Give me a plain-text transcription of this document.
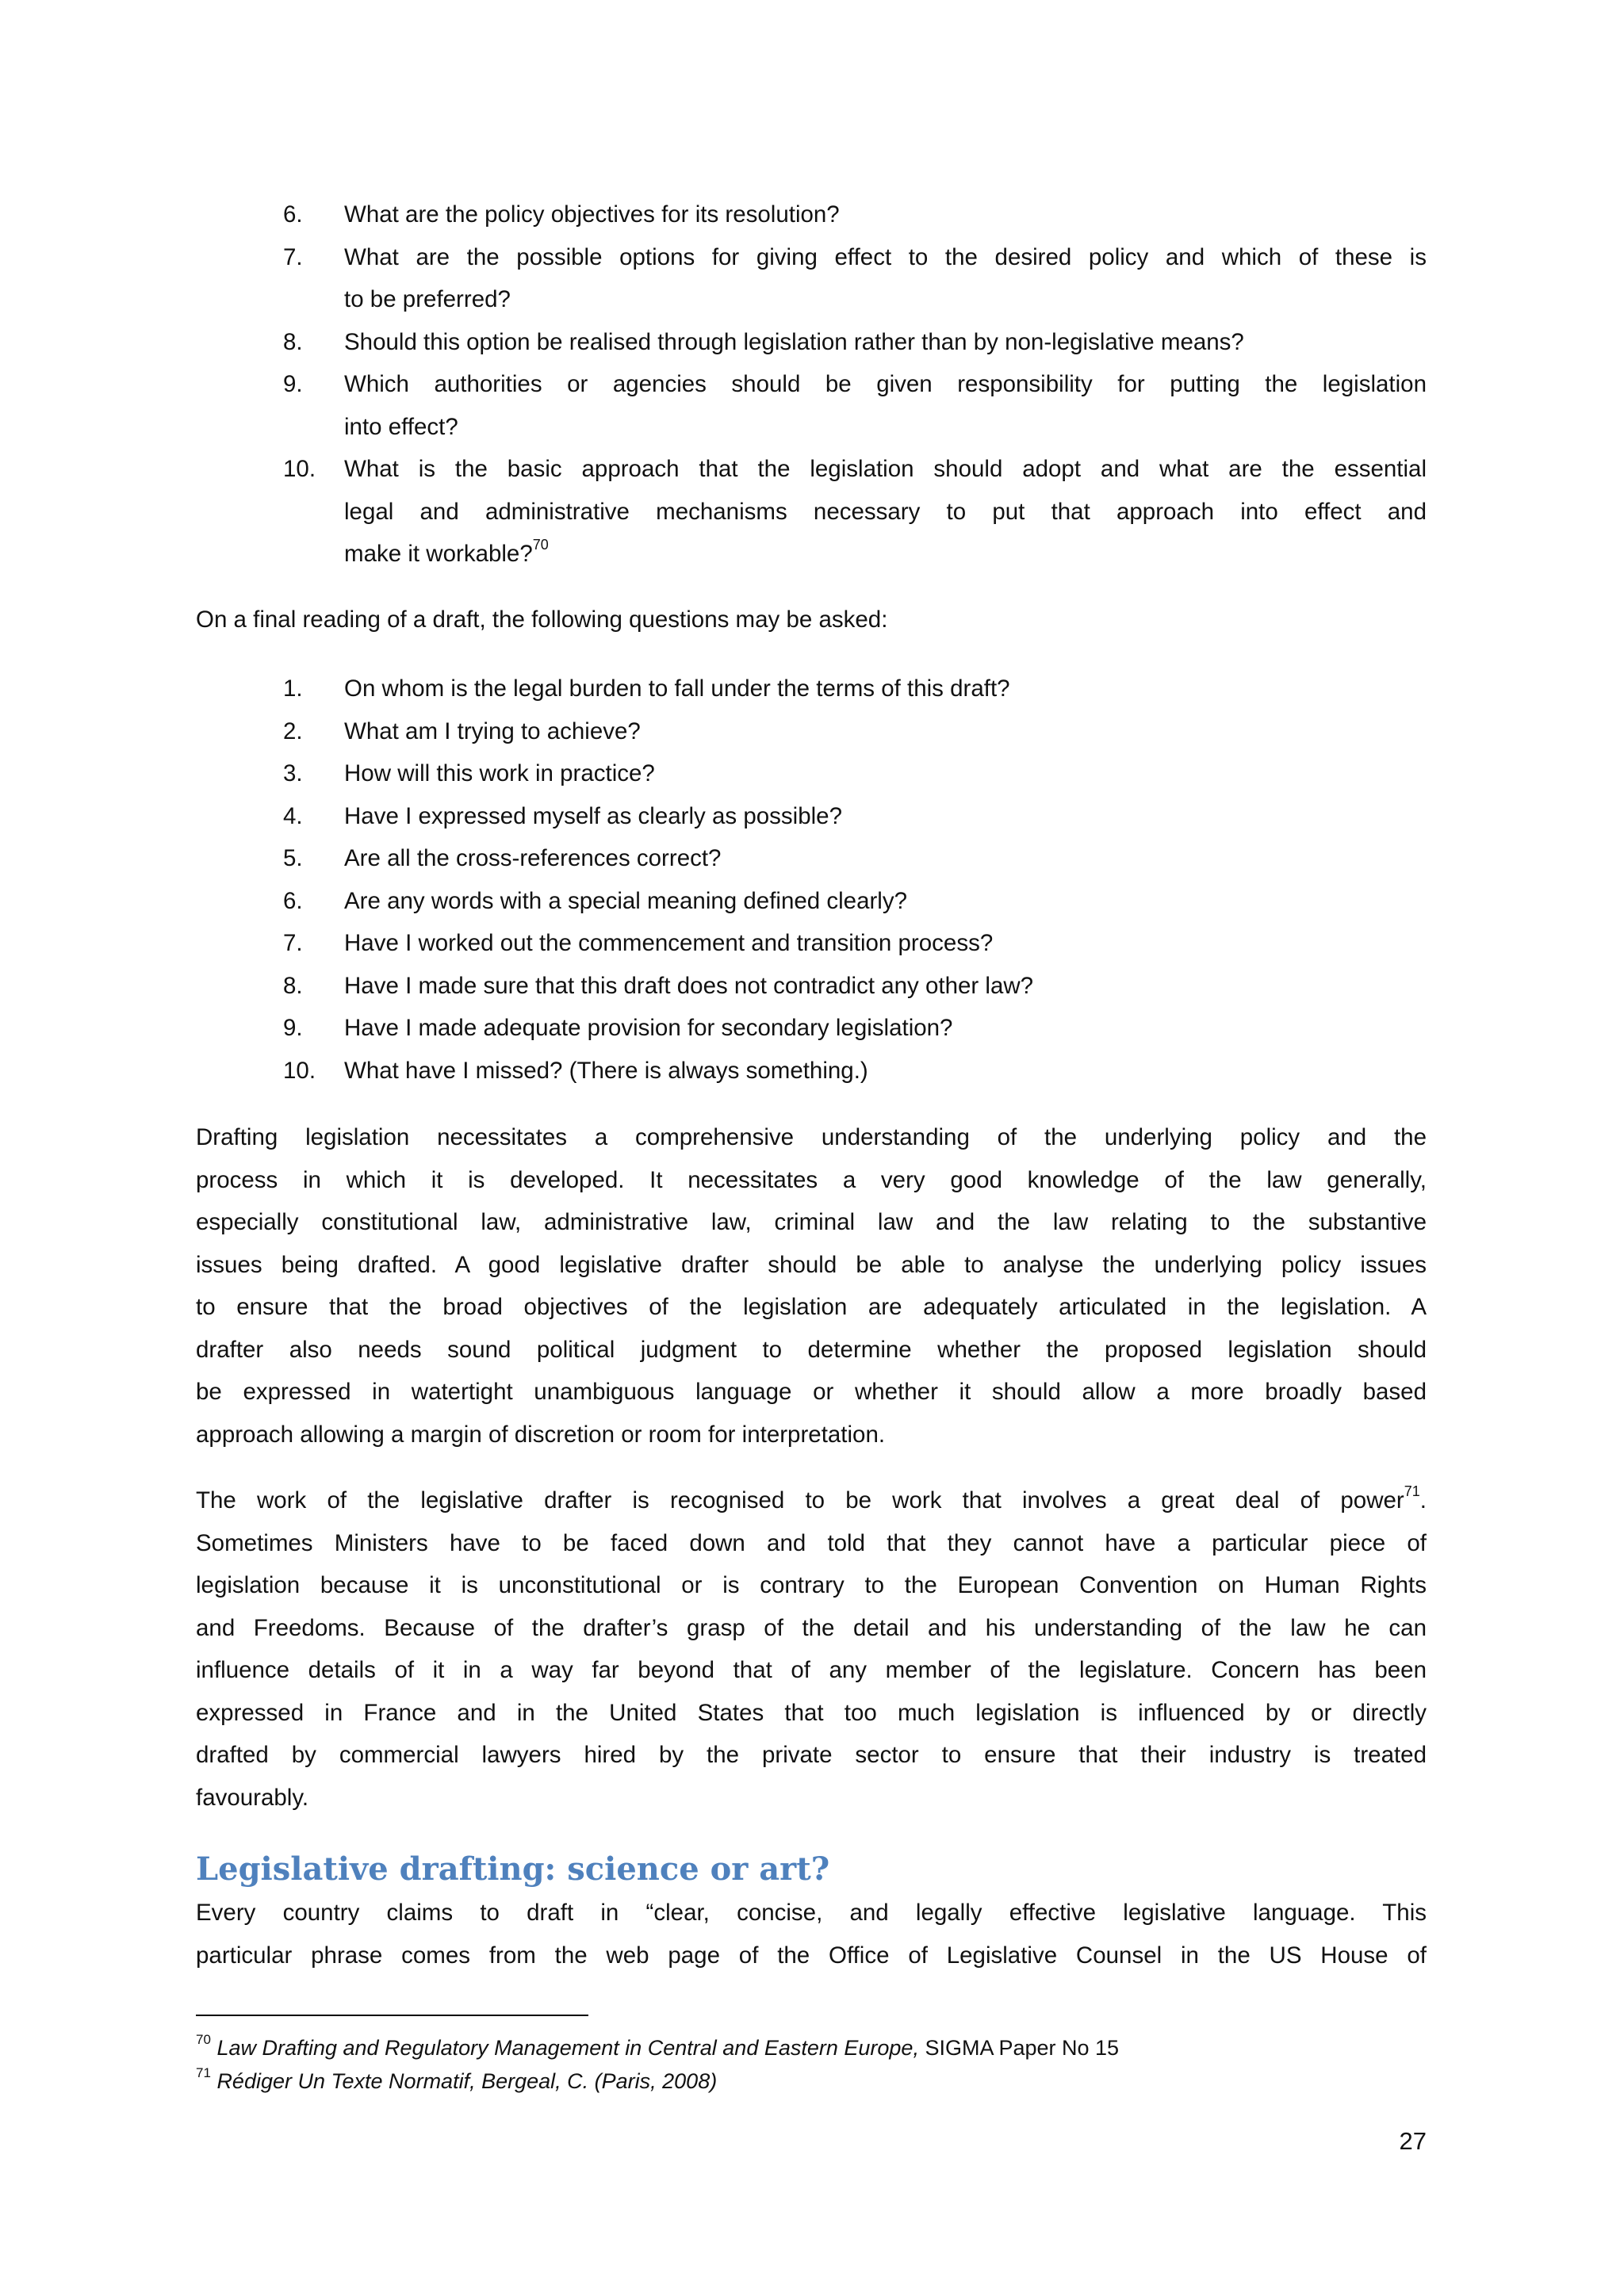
6.	What are the policy objectives for its resolution?
7.	What are the possible options for giving effect to the desired policy and which of these is
to be preferred?
8.	Should this option be realised through legislation rather than by non-legislative means?
9.	Which authorities or agencies should be given responsibility for putting the legislation
into effect?
10.	What is the basic approach that the legislation should adopt and what are the essential
legal and administrative mechanisms necessary to put that approach into effect and
make it workable?$^{70}$
On a final reading of a draft, the following questions may be asked:
1.	On whom is the legal burden to fall under the terms of this draft?
2.	What am I trying to achieve?
3.	How will this work in practice?
4.	Have I expressed myself as clearly as possible?
5.	Are all the cross-references correct?
6.	Are any words with a special meaning defined clearly?
7.	Have I worked out the commencement and transition process?
8.	Have I made sure that this draft does not contradict any other law?
9.	Have I made adequate provision for secondary legislation?
10.	What have I missed? (There is always something.)
Drafting legislation necessitates a comprehensive understanding of the underlying policy and the
process in which it is developed. It necessitates a very good knowledge of the law generally,
especially constitutional law, administrative law, criminal law and the law relating to the substantive
issues being drafted. A good legislative drafter should be able to analyse the underlying policy issues
to ensure that the broad objectives of the legislation are adequately articulated in the legislation. A
drafter also needs sound political judgment to determine whether the proposed legislation should
be expressed in watertight unambiguous language or whether it should allow a more broadly based
approach allowing a margin of discretion or room for interpretation.
The work of the legislative drafter is recognised to be work that involves a great deal of power$^{71}$.
Sometimes Ministers have to be faced down and told that they cannot have a particular piece of
legislation because it is unconstitutional or is contrary to the European Convention on Human Rights
and Freedoms. Because of the drafter’s grasp of the detail and his understanding of the law he can
influence details of it in a way far beyond that of any member of the legislature. Concern has been
expressed in France and in the United States that too much legislation is influenced by or directly
drafted by commercial lawyers hired by the private sector to ensure that their industry is treated
favourably.
Legislative drafting: science or art?
Every country claims to draft in “clear, concise, and legally effective legislative language. This
particular phrase comes from the web page of the Office of Legislative Counsel in the US House of
$^{70}$ Law Drafting and Regulatory Management in Central and Eastern Europe, SIGMA Paper No 15
$^{71}$ Rédiger Un Texte Normatif, Bergeal, C. (Paris, 2008)
27
